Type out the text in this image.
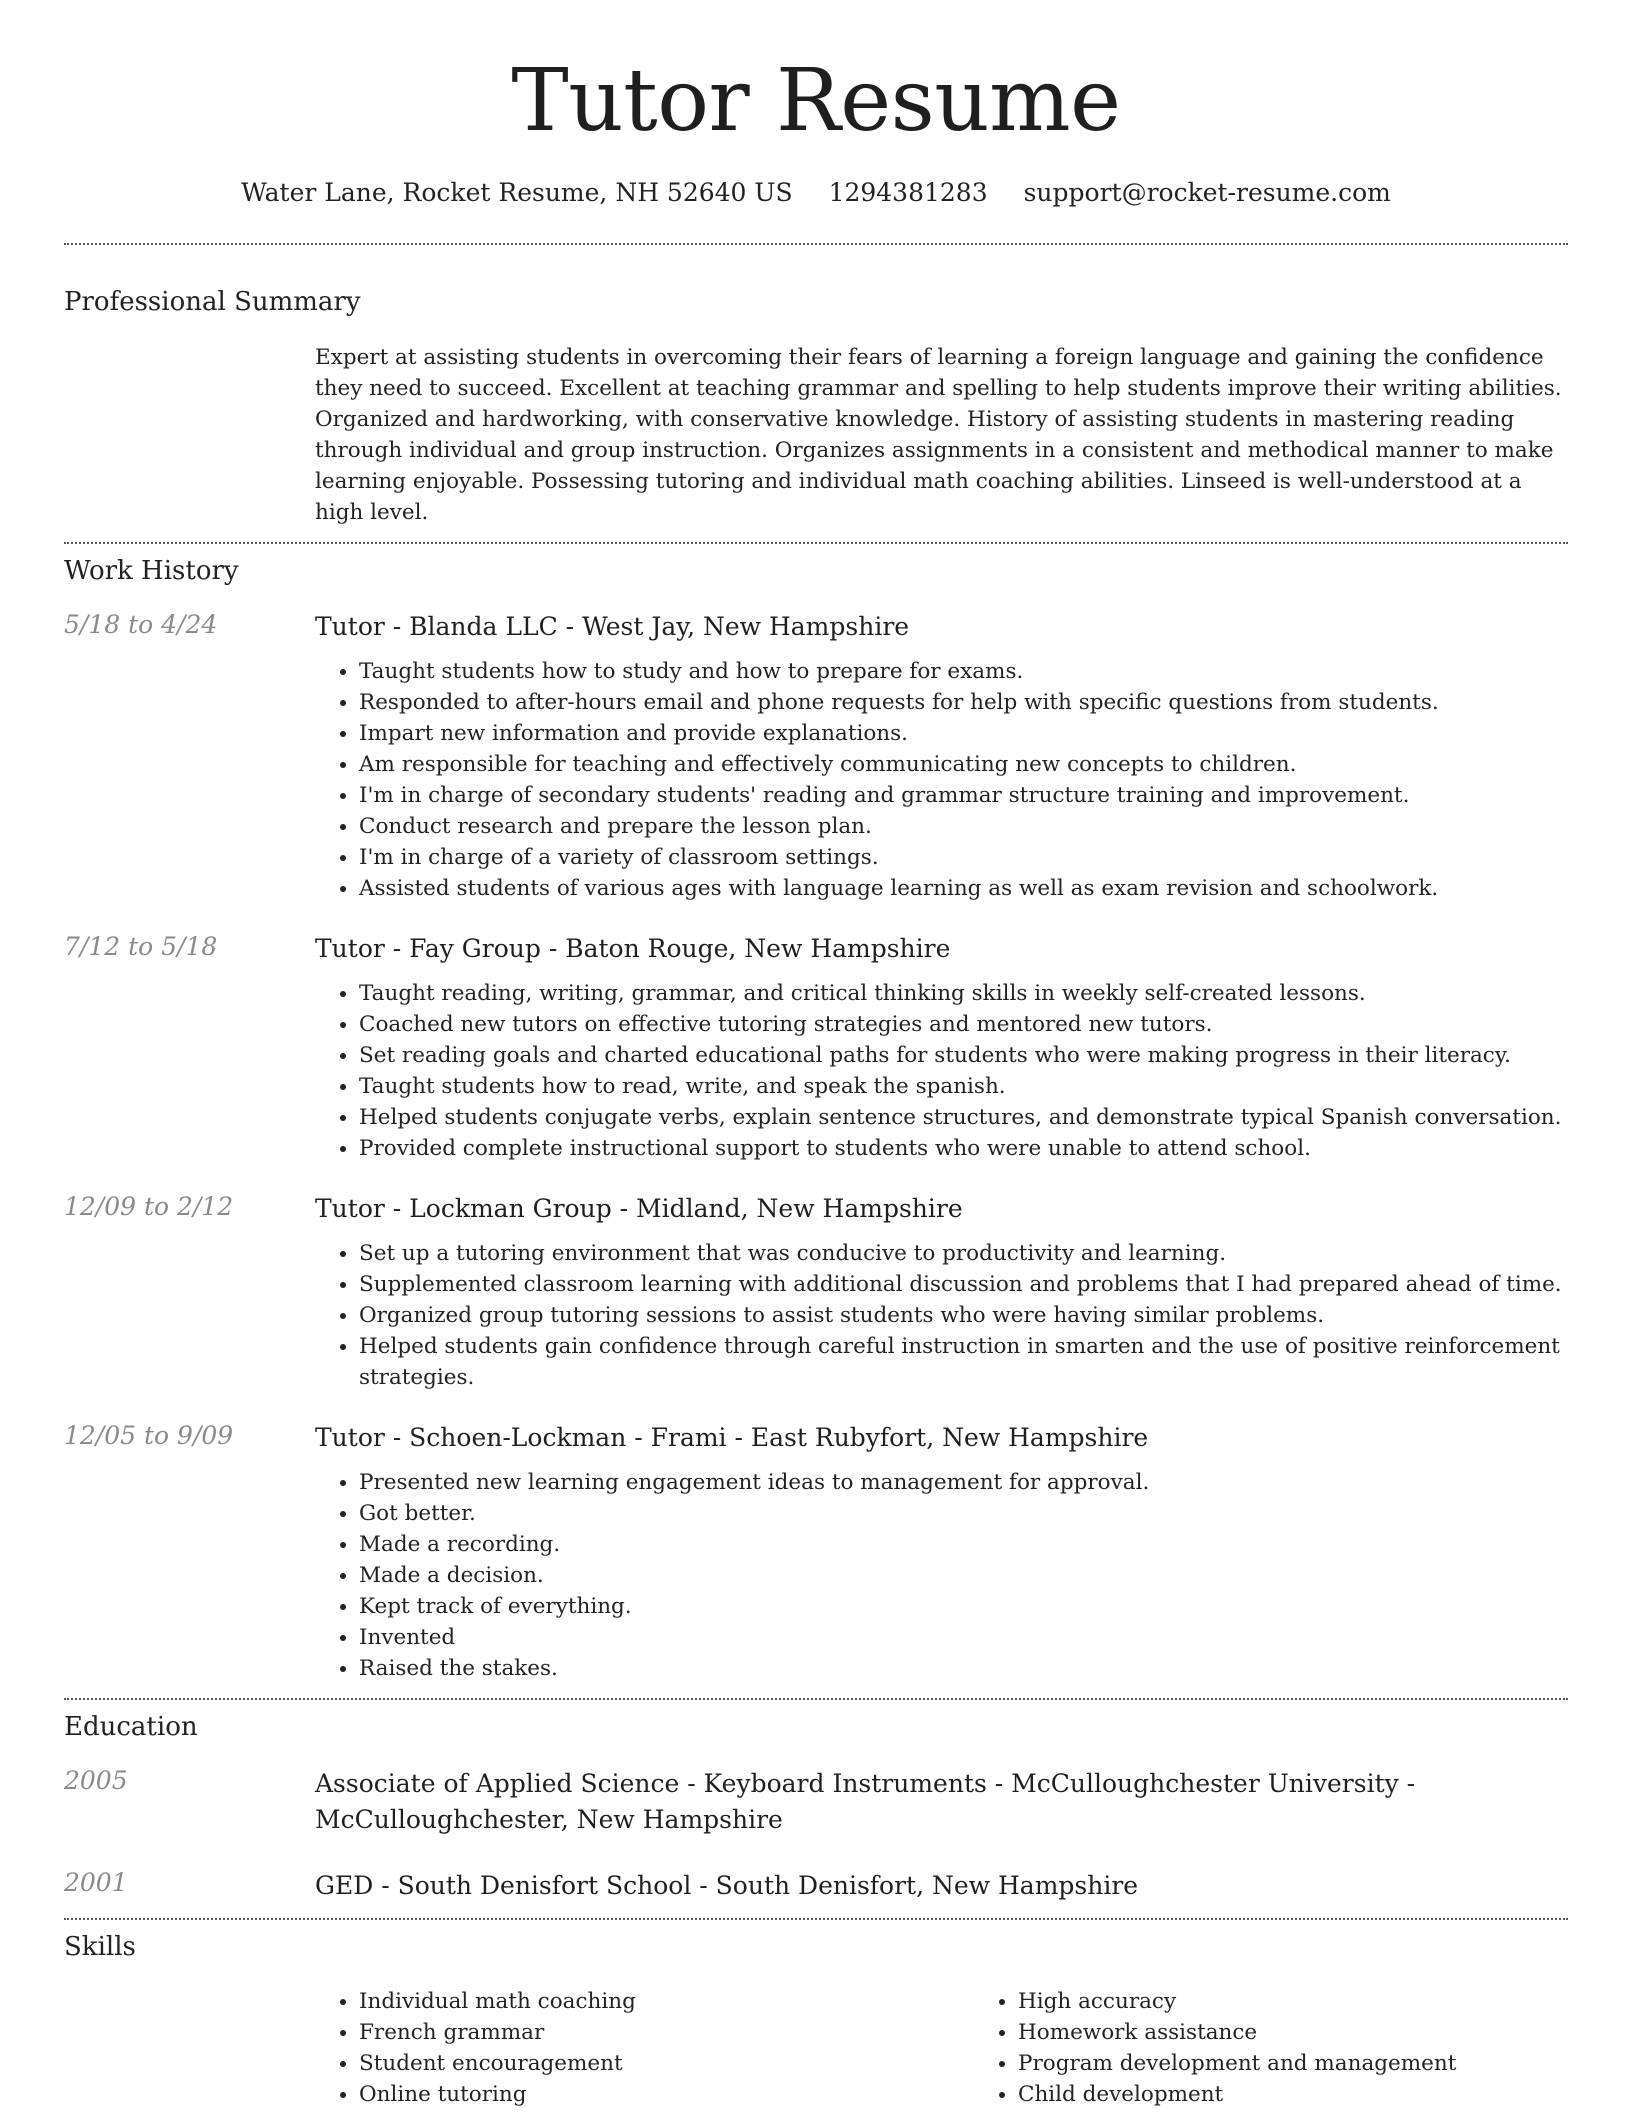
Tutor Resume
Water Lane, Rocket Resume, NH 52640 US 1294381283 support@rocket-resume.com
Professional Summary
Expert at assisting students in overcoming their fears of learning a foreign language and gaining the confidence they need to succeed. Excellent at teaching grammar and spelling to help students improve their writing abilities. Organized and hardworking, with conservative knowledge. History of assisting students in mastering reading through individual and group instruction. Organizes assignments in a consistent and methodical manner to make learning enjoyable. Possessing tutoring and individual math coaching abilities. Linseed is well-understood at a high level.
Work History
5/18 to 4/24	Tutor - Blanda LLC - West Jay, New Hampshire
• Taught students how to study and how to prepare for exams.
• Responded to after-hours email and phone requests for help with specific questions from students.
• Impart new information and provide explanations.
• Am responsible for teaching and effectively communicating new concepts to children.
• I'm in charge of secondary students' reading and grammar structure training and improvement.
• Conduct research and prepare the lesson plan.
• I'm in charge of a variety of classroom settings.
• Assisted students of various ages with language learning as well as exam revision and schoolwork.
7/12 to 5/18	Tutor - Fay Group - Baton Rouge, New Hampshire
• Taught reading, writing, grammar, and critical thinking skills in weekly self-created lessons.
• Coached new tutors on effective tutoring strategies and mentored new tutors.
• Set reading goals and charted educational paths for students who were making progress in their literacy.
• Taught students how to read, write, and speak the spanish.
• Helped students conjugate verbs, explain sentence structures, and demonstrate typical Spanish conversation.
• Provided complete instructional support to students who were unable to attend school.
12/09 to 2/12	Tutor - Lockman Group - Midland, New Hampshire
• Set up a tutoring environment that was conducive to productivity and learning.
• Supplemented classroom learning with additional discussion and problems that I had prepared ahead of time.
• Organized group tutoring sessions to assist students who were having similar problems.
• Helped students gain confidence through careful instruction in smarten and the use of positive reinforcement strategies.
12/05 to 9/09	Tutor - Schoen-Lockman - Frami - East Rubyfort, New Hampshire
• Presented new learning engagement ideas to management for approval.
• Got better.
• Made a recording.
• Made a decision.
• Kept track of everything.
• Invented
• Raised the stakes.
Education
2005	Associate of Applied Science - Keyboard Instruments - McCulloughchester University - McCulloughchester, New Hampshire
2001	GED - South Denisfort School - South Denisfort, New Hampshire
Skills
• Individual math coaching
• French grammar
• Student encouragement
• Online tutoring
• High accuracy
• Homework assistance
• Program development and management
• Child development
